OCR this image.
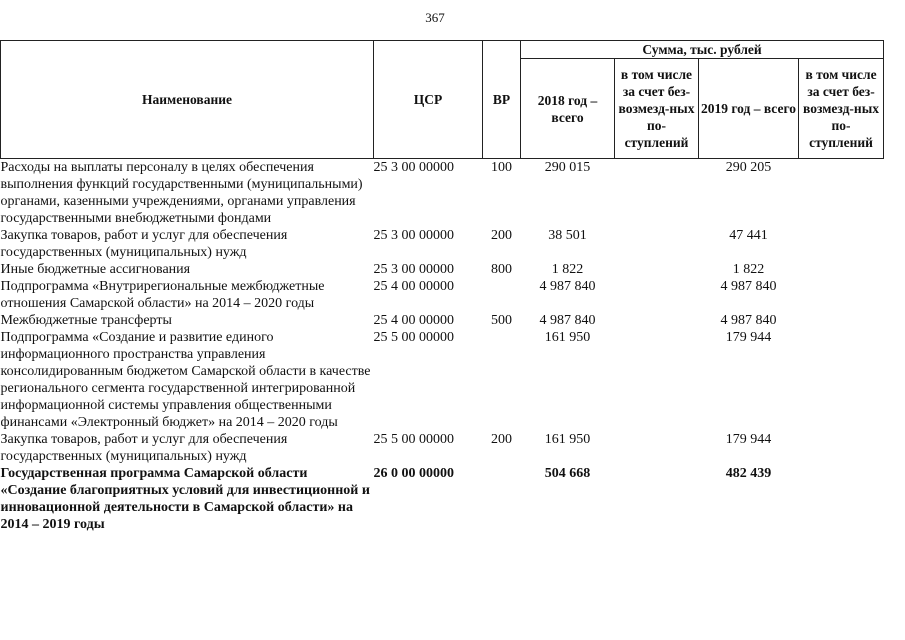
367
Наименование	ЦСР	ВР	Сумма, тыс. рублей			
			2018 год – всего	в том числе за счет без-возмезд-ных по-ступлений	2019 год – всего	в том числе за счет без-возмезд-ных по-ступлений
Расходы на выплаты персоналу в целях обеспечения выполнения функций государственными (муниципальными) органами, казенными учреждениями, органами управления государственными внебюджетными фондами	25 3 00 00000	100	290 015		290 205	
Закупка товаров, работ и услуг для обеспечения государственных (муниципальных) нужд	25 3 00 00000	200	38 501		47 441	
Иные бюджетные ассигнования	25 3 00 00000	800	1 822		1 822	
Подпрограмма «Внутрирегиональные межбюджетные отношения Самарской области» на 2014 – 2020 годы	25 4 00 00000		4 987 840		4 987 840	
Межбюджетные трансферты	25 4 00 00000	500	4 987 840		4 987 840	
Подпрограмма «Создание и развитие единого информационного пространства управления консолидированным бюджетом Самарской области в качестве регионального сегмента государственной интегрированной информационной системы управления общественными финансами «Электронный бюджет» на 2014 – 2020 годы	25 5 00 00000		161 950		179 944	
Закупка товаров, работ и услуг для обеспечения государственных (муниципальных) нужд	25 5 00 00000	200	161 950		179 944	
Государственная программа Самарской области «Создание благоприятных условий для инвестиционной и инновационной деятельности в Самарской области» на 2014 – 2019 годы	26 0 00 00000		504 668		482 439	
